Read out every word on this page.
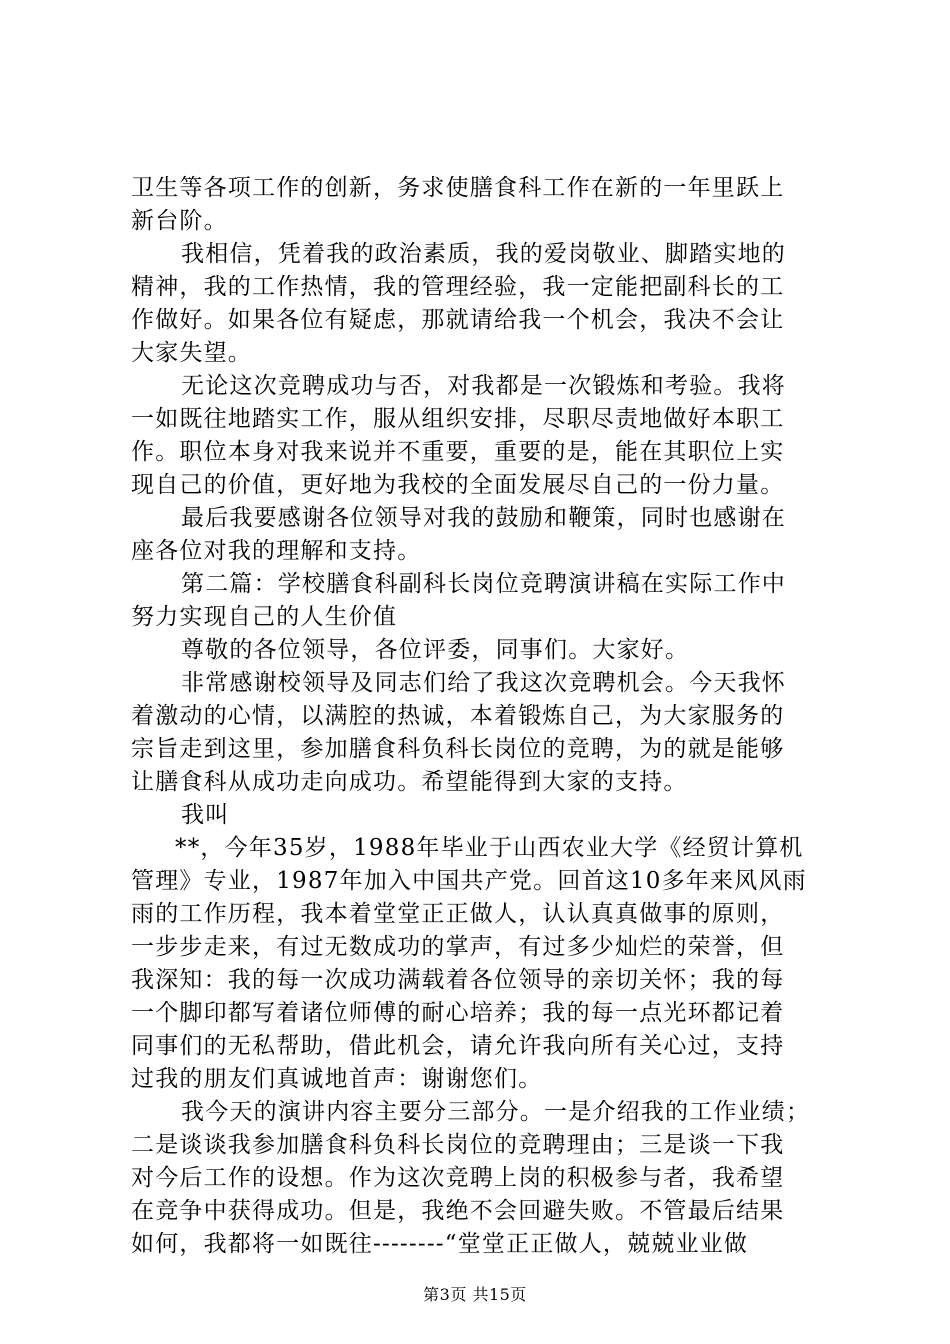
卫生等各项工作的创新，务求使膳食科工作在新的一年里跃上
新台阶。
我相信，凭着我的政治素质，我的爱岗敬业、脚踏实地的
精神，我的工作热情，我的管理经验，我一定能把副科长的工
作做好。如果各位有疑虑，那就请给我一个机会，我决不会让
大家失望。
无论这次竞聘成功与否，对我都是一次锻炼和考验。我将
一如既往地踏实工作，服从组织安排，尽职尽责地做好本职工
作。职位本身对我来说并不重要，重要的是，能在其职位上实
现自己的价值，更好地为我校的全面发展尽自己的一份力量。
最后我要感谢各位领导对我的鼓励和鞭策，同时也感谢在
座各位对我的理解和支持。
第二篇：学校膳食科副科长岗位竞聘演讲稿在实际工作中
努力实现自己的人生价值
尊敬的各位领导，各位评委，同事们。大家好。
非常感谢校领导及同志们给了我这次竞聘机会。今天我怀
着激动的心情，以满腔的热诚，本着锻炼自己，为大家服务的
宗旨走到这里，参加膳食科负科长岗位的竞聘，为的就是能够
让膳食科从成功走向成功。希望能得到大家的支持。
我叫
**，今年35岁，1988年毕业于山西农业大学《经贸计算机
管理》专业，1987年加入中国共产党。回首这10多年来风风雨
雨的工作历程，我本着堂堂正正做人，认认真真做事的原则，
一步步走来，有过无数成功的掌声，有过多少灿烂的荣誉，但
我深知：我的每一次成功满载着各位领导的亲切关怀；我的每
一个脚印都写着诸位师傅的耐心培养；我的每一点光环都记着
同事们的无私帮助，借此机会，请允许我向所有关心过，支持
过我的朋友们真诚地首声：谢谢您们。
我今天的演讲内容主要分三部分。一是介绍我的工作业绩；
二是谈谈我参加膳食科负科长岗位的竞聘理由；三是谈一下我
对今后工作的设想。作为这次竞聘上岗的积极参与者，我希望
在竞争中获得成功。但是，我绝不会回避失败。不管最后结果
如何，我都将一如既往--------“堂堂正正做人，兢兢业业做
第3页 共15页
